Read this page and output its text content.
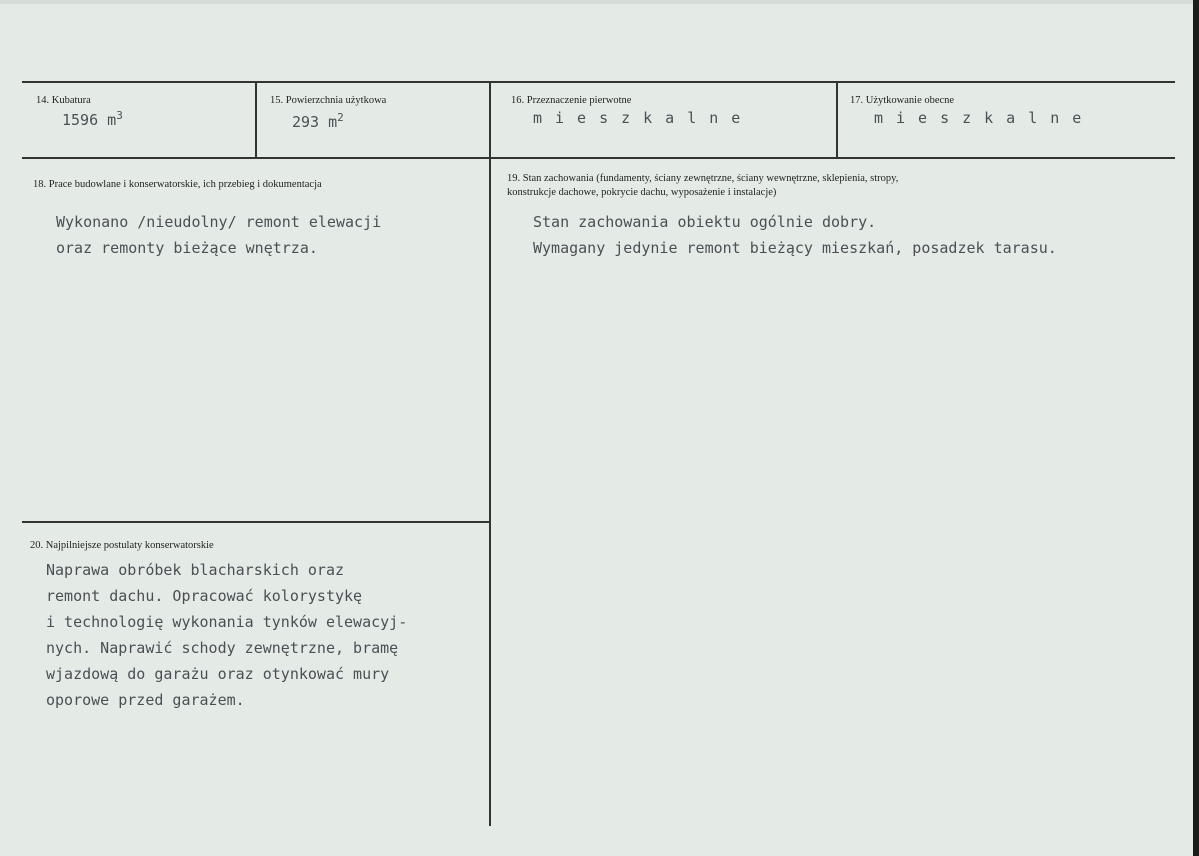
14. Kubatura
1596 $m^3$
15. Powierzchnia użytkowa
293 $m^2$
16. Przeznaczenie pierwotne
mieszkalne
17. Użytkowanie obecne
mieszkalne
18. Prace budowlane i konserwatorskie, ich przebieg i dokumentacja
Wykonano /nieudolny/ remont elewacji
oraz remonty bieżące wnętrza.
19. Stan zachowania (fundamenty, ściany zewnętrzne, ściany wewnętrzne, sklepienia, stropy,
konstrukcje dachowe, pokrycie dachu, wyposażenie i instalacje)
Stan zachowania obiektu ogólnie dobry.
Wymagany jedynie remont bieżący mieszkań, posadzek tarasu.
20. Najpilniejsze postulaty konserwatorskie
Naprawa obróbek blacharskich oraz
remont dachu. Opracować kolorystykę
i technologię wykonania tynków elewacyj-
nych. Naprawić schody zewnętrzne, bramę
wjazdową do garażu oraz otynkować mury
oporowe przed garażem.
